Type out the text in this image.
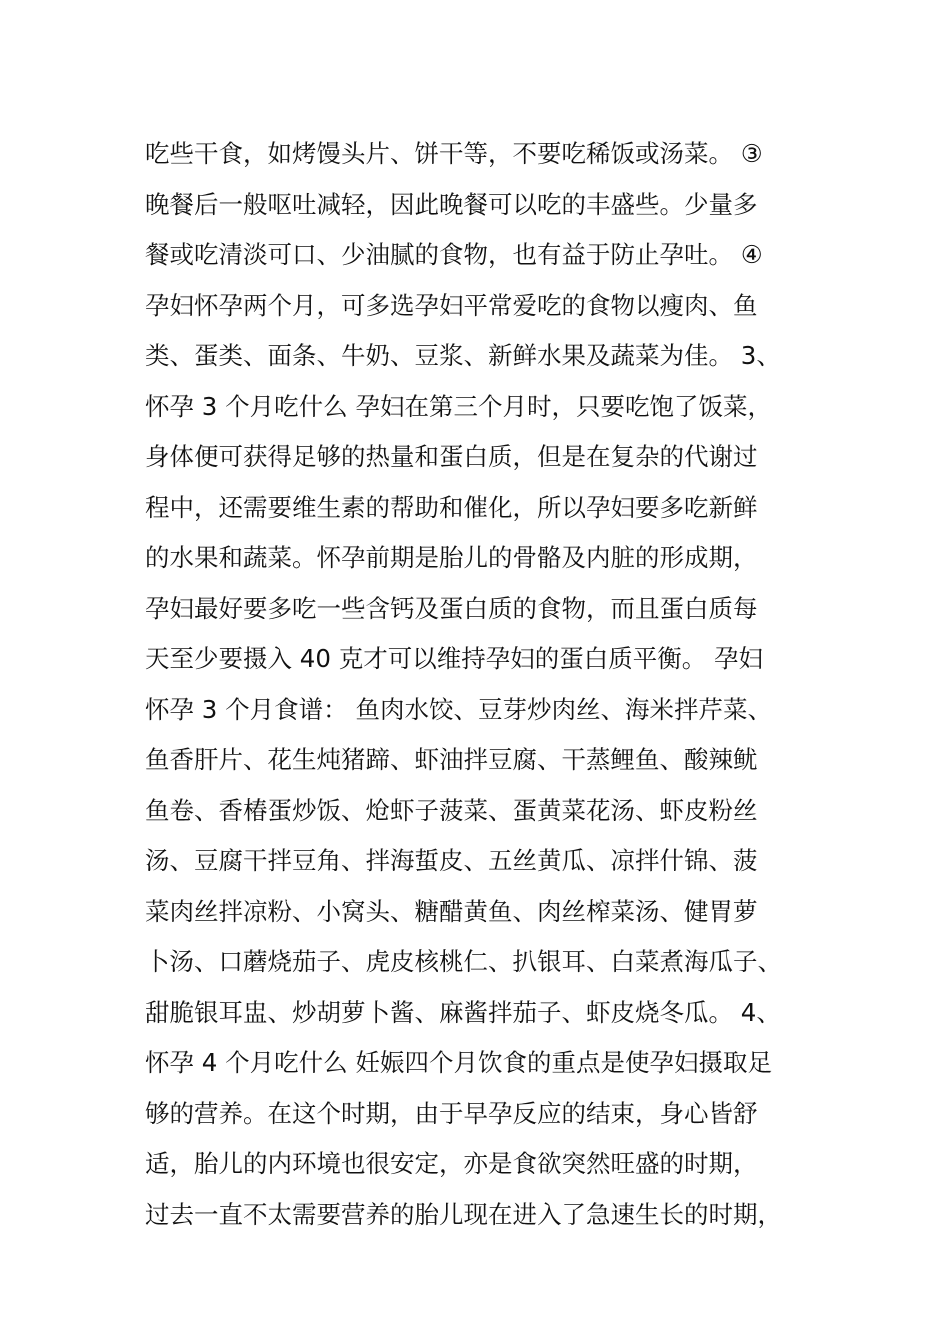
吃些干食，如烤馒头片、饼干等，不要吃稀饭或汤菜。 ③
晚餐后一般呕吐减轻，因此晚餐可以吃的丰盛些。少量多
餐或吃清淡可口、少油腻的食物，也有益于防止孕吐。 ④
孕妇怀孕两个月，可多选孕妇平常爱吃的食物以瘦肉、鱼
类、蛋类、面条、牛奶、豆浆、新鲜水果及蔬菜为佳。 3、
怀孕 3 个月吃什么 孕妇在第三个月时，只要吃饱了饭菜，
身体便可获得足够的热量和蛋白质，但是在复杂的代谢过
程中，还需要维生素的帮助和催化，所以孕妇要多吃新鲜
的水果和蔬菜。怀孕前期是胎儿的骨骼及内脏的形成期，
孕妇最好要多吃一些含钙及蛋白质的食物，而且蛋白质每
天至少要摄入 40 克才可以维持孕妇的蛋白质平衡。 孕妇
怀孕 3 个月食谱： 鱼肉水饺、豆芽炒肉丝、海米拌芹菜、
鱼香肝片、花生炖猪蹄、虾油拌豆腐、干蒸鲤鱼、酸辣鱿
鱼卷、香椿蛋炒饭、炝虾子菠菜、蛋黄菜花汤、虾皮粉丝
汤、豆腐干拌豆角、拌海蜇皮、五丝黄瓜、凉拌什锦、菠
菜肉丝拌凉粉、小窝头、糖醋黄鱼、肉丝榨菜汤、健胃萝
卜汤、口蘑烧茄子、虎皮核桃仁、扒银耳、白菜煮海瓜子、
甜脆银耳盅、炒胡萝卜酱、麻酱拌茄子、虾皮烧冬瓜。 4、
怀孕 4 个月吃什么 妊娠四个月饮食的重点是使孕妇摄取足
够的营养。在这个时期，由于早孕反应的结束，身心皆舒
适，胎儿的内环境也很安定，亦是食欲突然旺盛的时期，
过去一直不太需要营养的胎儿现在进入了急速生长的时期，
